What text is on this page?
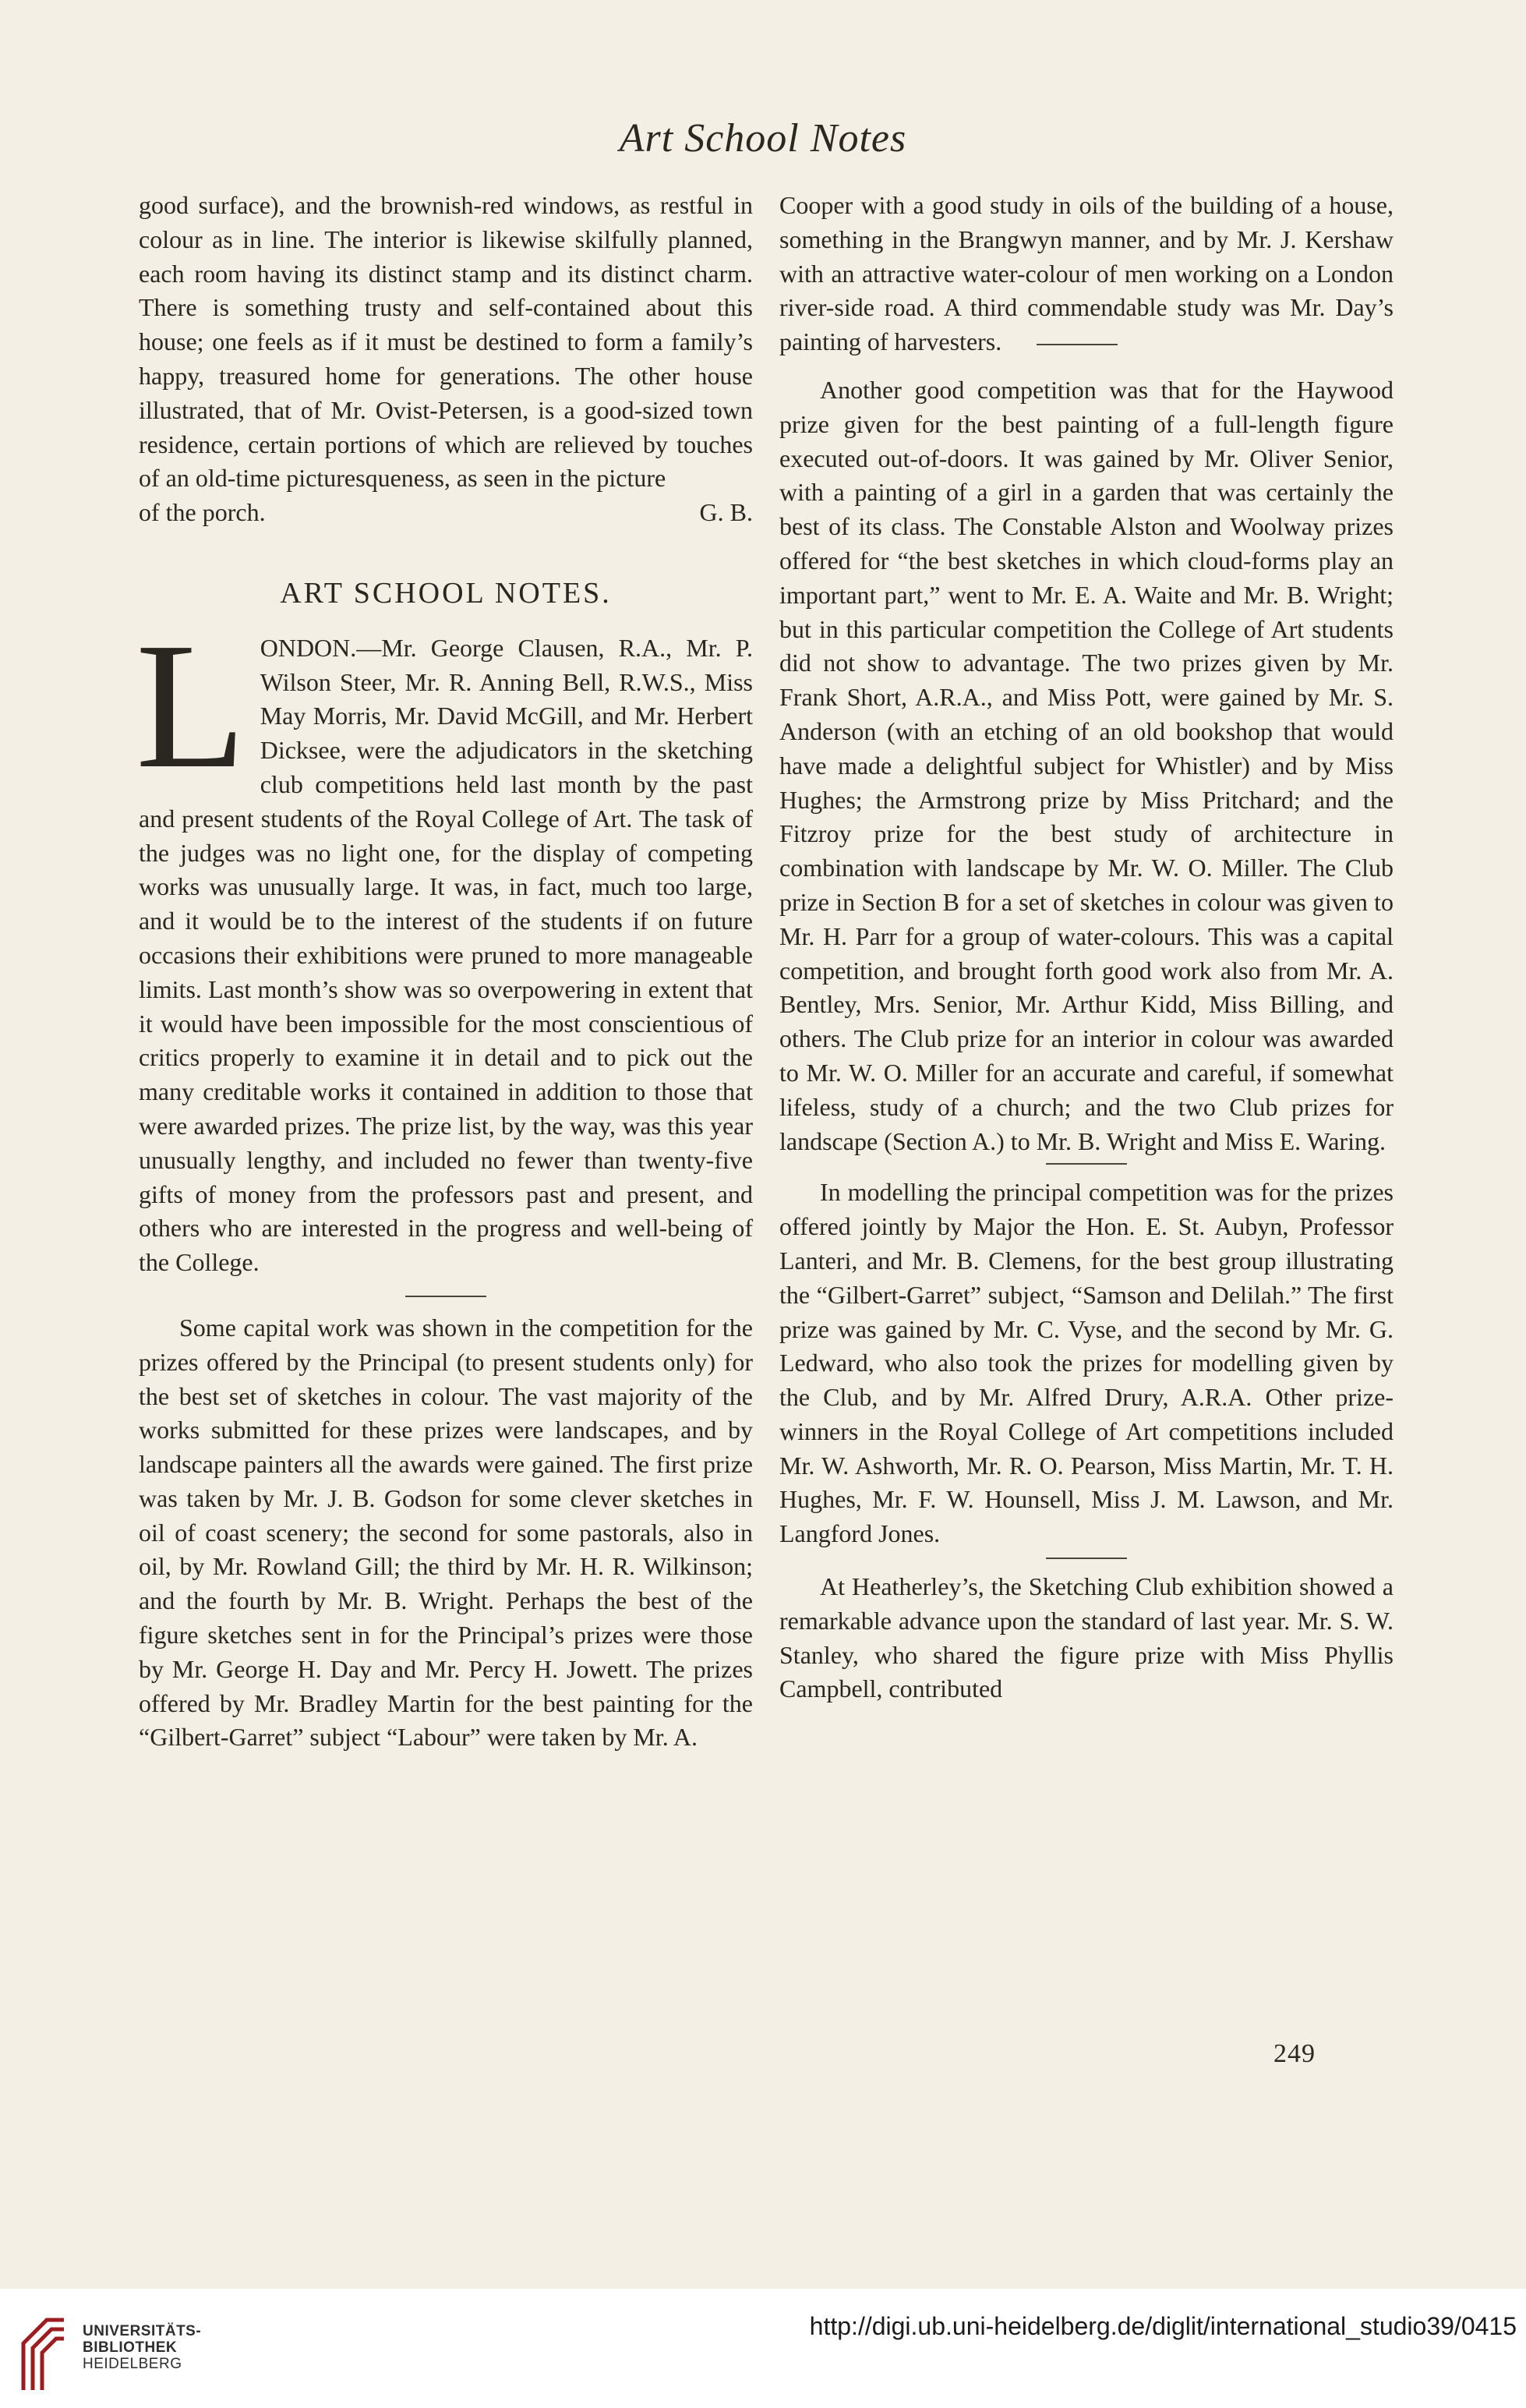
Art School Notes

good surface), and the brownish-red windows, as restful in colour as in line. The interior is likewise skilfully planned, each room having its distinct stamp and its distinct charm. There is something trusty and self-contained about this house; one feels as if it must be destined to form a family’s happy, treasured home for generations. The other house illustrated, that of Mr. Ovist-Petersen, is a good-sized town residence, certain portions of which are relieved by touches of an old-time picturesqueness, as seen in the picture

of the porch.	G. B.
ART SCHOOL NOTES.
L ONDON.—Mr. George Clausen, R.A., Mr. P. Wilson Steer, Mr. R. Anning Bell, R.W.S., Miss May Morris, Mr. David McGill, and Mr. Herbert Dicksee, were the adjudicators in the sketching club competitions held last month by the past and present students of the Royal College of Art. The task of the judges was no light one, for the display of competing works was unusually large. It was, in fact, much too large, and it would be to the interest of the students if on future occasions their exhibitions were pruned to more manageable limits. Last month’s show was so overpowering in extent that it would have been impossible for the most conscientious of critics properly to examine it in detail and to pick out the many creditable works it contained in addition to those that were awarded prizes. The prize list, by the way, was this year unusually lengthy, and included no fewer than twenty-five gifts of money from the professors past and present, and others who are interested in the progress and well-being of the College.

Some capital work was shown in the competition for the prizes offered by the Principal (to present students only) for the best set of sketches in colour. The vast majority of the works submitted for these prizes were landscapes, and by landscape painters all the awards were gained. The first prize was taken by Mr. J. B. Godson for some clever sketches in oil of coast scenery; the second for some pastorals, also in oil, by Mr. Rowland Gill; the third by Mr. H. R. Wilkinson; and the fourth by Mr. B. Wright. Perhaps the best of the figure sketches sent in for the Principal’s prizes were those by Mr. George H. Day and Mr. Percy H. Jowett. The prizes offered by Mr. Bradley Martin for the best painting for the “Gilbert-Garret” subject “Labour” were taken by Mr. A.

Cooper with a good study in oils of the building of a house, something in the Brangwyn manner, and by Mr. J. Kershaw with an attractive water-colour of men working on a London river-side road. A third commendable study was Mr. Day’s painting of harvesters.

Another good competition was that for the Haywood prize given for the best painting of a full-length figure executed out-of-doors. It was gained by Mr. Oliver Senior, with a painting of a girl in a garden that was certainly the best of its class. The Constable Alston and Woolway prizes offered for “the best sketches in which cloud-forms play an important part,” went to Mr. E. A. Waite and Mr. B. Wright; but in this particular competition the College of Art students did not show to advantage. The two prizes given by Mr. Frank Short, A.R.A., and Miss Pott, were gained by Mr. S. Anderson (with an etching of an old bookshop that would have made a delightful subject for Whistler) and by Miss Hughes; the Armstrong prize by Miss Pritchard; and the Fitzroy prize for the best study of architecture in combination with landscape by Mr. W. O. Miller. The Club prize in Section B for a set of sketches in colour was given to Mr. H. Parr for a group of water-colours. This was a capital competition, and brought forth good work also from Mr. A. Bentley, Mrs. Senior, Mr. Arthur Kidd, Miss Billing, and others. The Club prize for an interior in colour was awarded to Mr. W. O. Miller for an accurate and careful, if somewhat lifeless, study of a church; and the two Club prizes for landscape (Section A.) to Mr. B. Wright and Miss E. Waring.

In modelling the principal competition was for the prizes offered jointly by Major the Hon. E. St. Aubyn, Professor Lanteri, and Mr. B. Clemens, for the best group illustrating the “Gilbert-Garret” subject, “Samson and Delilah.” The first prize was gained by Mr. C. Vyse, and the second by Mr. G. Ledward, who also took the prizes for modelling given by the Club, and by Mr. Alfred Drury, A.R.A. Other prize-winners in the Royal College of Art competitions included Mr. W. Ashworth, Mr. R. O. Pearson, Miss Martin, Mr. T. H. Hughes, Mr. F. W. Hounsell, Miss J. M. Lawson, and Mr. Langford Jones.

At Heatherley’s, the Sketching Club exhibition showed a remarkable advance upon the standard of last year. Mr. S. W. Stanley, who shared the figure prize with Miss Phyllis Campbell, contributed

249
UNIVERSITÄTS-
BIBLIOTHEK
HEIDELBERG
http://digi.ub.uni-heidelberg.de/diglit/international_studio39/0415
